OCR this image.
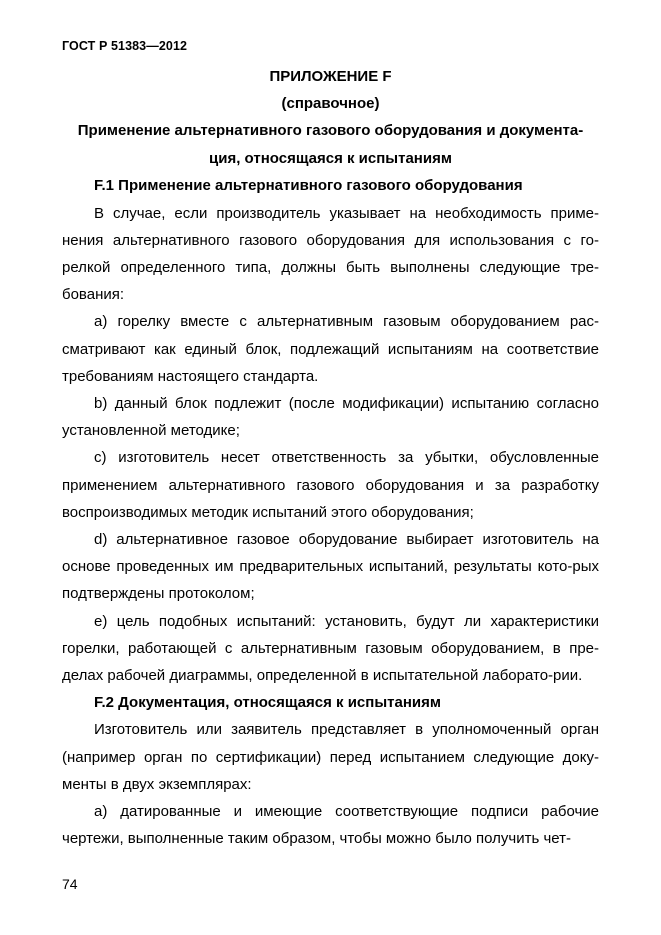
ГОСТ Р 51383—2012
ПРИЛОЖЕНИЕ F
(справочное)
Применение альтернативного газового оборудования и документа-
ция, относящаяся к испытаниям
F.1 Применение альтернативного газового оборудования

В случае, если производитель указывает на необходимость приме-нения альтернативного газового оборудования для использования с го-релкой определенного типа, должны быть выполнены следующие тре-бования:

а) горелку вместе с альтернативным газовым оборудованием рас-сматривают как единый блок, подлежащий испытаниям на соответствие требованиям настоящего стандарта.

b) данный блок подлежит (после модификации) испытанию согласно установленной методике;

с) изготовитель несет ответственность за убытки, обусловленные применением альтернативного газового оборудования и за разработку воспроизводимых методик испытаний этого оборудования;

d) альтернативное газовое оборудование выбирает изготовитель на основе проведенных им предварительных испытаний, результаты кото-рых подтверждены протоколом;

е) цель подобных испытаний: установить, будут ли характеристики горелки, работающей с альтернативным газовым оборудованием, в пре-делах рабочей диаграммы, определенной в испытательной лаборато-рии.

F.2 Документация, относящаяся к испытаниям

Изготовитель или заявитель представляет в уполномоченный орган (например орган по сертификации) перед испытанием следующие доку-менты в двух экземплярах:

а) датированные и имеющие соответствующие подписи рабочие чертежи, выполненные таким образом, чтобы можно было получить чет-

74
